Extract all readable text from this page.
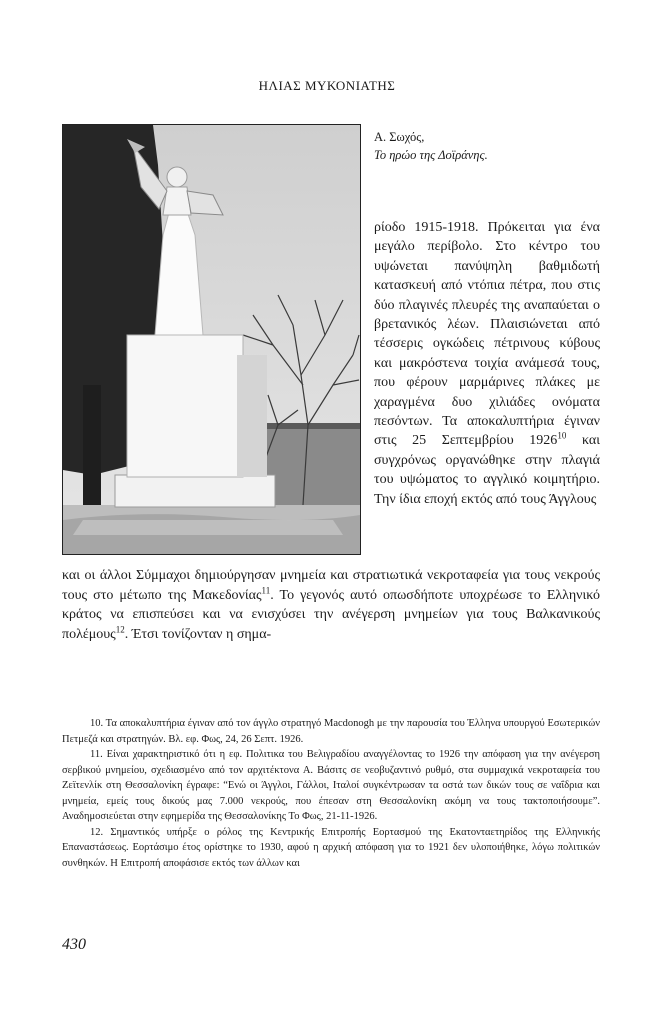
ΗΛΙΑΣ ΜΥΚΟΝΙΑΤΗΣ
Α. Σωχός,
Το ηρώο της Δοϊράνης.

ρίοδο 1915-1918. Πρόκειται για ένα μεγάλο περίβολο. Στο κέντρο του υψώνεται πανύψηλη βαθμιδωτή κατασκευή από ντόπια πέτρα, που στις δύο πλαγινές πλευρές της αναπαύεται ο βρετανικός λέων. Πλαισιώνεται από τέσσερις ογκώδεις πέτρινους κύβους και μακρόστενα τοιχία ανάμεσά τους, που φέρουν μαρμάρινες πλάκες με χαραγμένα δυο χιλιάδες ονόματα πεσόντων. Τα αποκαλυπτήρια έγιναν στις 25 Σεπτεμβρίου 1926$^{10}$ και συγχρόνως οργανώθηκε στην πλαγιά του υψώματος το αγγλικό κοιμητήριο. Την ίδια εποχή εκτός από τους Άγγλους

και οι άλλοι Σύμμαχοι δημιούργησαν μνημεία και στρατιωτικά νεκροταφεία για τους νεκρούς τους στο μέτωπο της Μακεδονίας$^{11}$. Το γεγονός αυτό οπωσδήποτε υποχρέωσε το Ελληνικό κράτος να επισπεύσει και να ενισχύσει την ανέγερση μνημείων για τους Βαλκανικούς πολέμους$^{12}$. Έτσι τονίζονταν η σημα-

10. Τα αποκαλυπτήρια έγιναν από τον άγγλο στρατηγό Macdonogh με την παρουσία του Έλληνα υπουργού Εσωτερικών Πετμεζά και στρατηγών. Βλ. εφ. Φως, 24, 26 Σεπτ. 1926.

11. Είναι χαρακτηριστικό ότι η εφ. Πολιτικα του Βελιγραδίου αναγγέλοντας το 1926 την απόφαση για την ανέγερση σερβικού μνημείου, σχεδιασμένο από τον αρχιτέκτονα Α. Βάσιτς σε νεοβυζαντινό ρυθμό, στα συμμαχικά νεκροταφεία του Ζεϊτενλίκ στη Θεσσαλονίκη έγραφε: “Ενώ οι Άγγλοι, Γάλλοι, Ιταλοί συγκέντρωσαν τα οστά των δικών τους σε ναΐδρια και μνημεία, εμείς τους δικούς μας 7.000 νεκρούς, που έπεσαν στη Θεσσαλονίκη ακόμη να τους τακτοποιήσουμε”. Αναδημοσιεύεται στην εφημερίδα της Θεσσαλονίκης Το Φως, 21-11-1926.

12. Σημαντικός υπήρξε ο ρόλος της Κεντρικής Επιτροπής Εορτασμού της Εκατονταετηρίδος της Ελληνικής Επαναστάσεως. Εορτάσιμο έτος ορίστηκε το 1930, αφού η αρχική απόφαση για το 1921 δεν υλοποιήθηκε, λόγω πολιτικών συνθηκών. Η Επιτροπή αποφάσισε εκτός των άλλων και

430
